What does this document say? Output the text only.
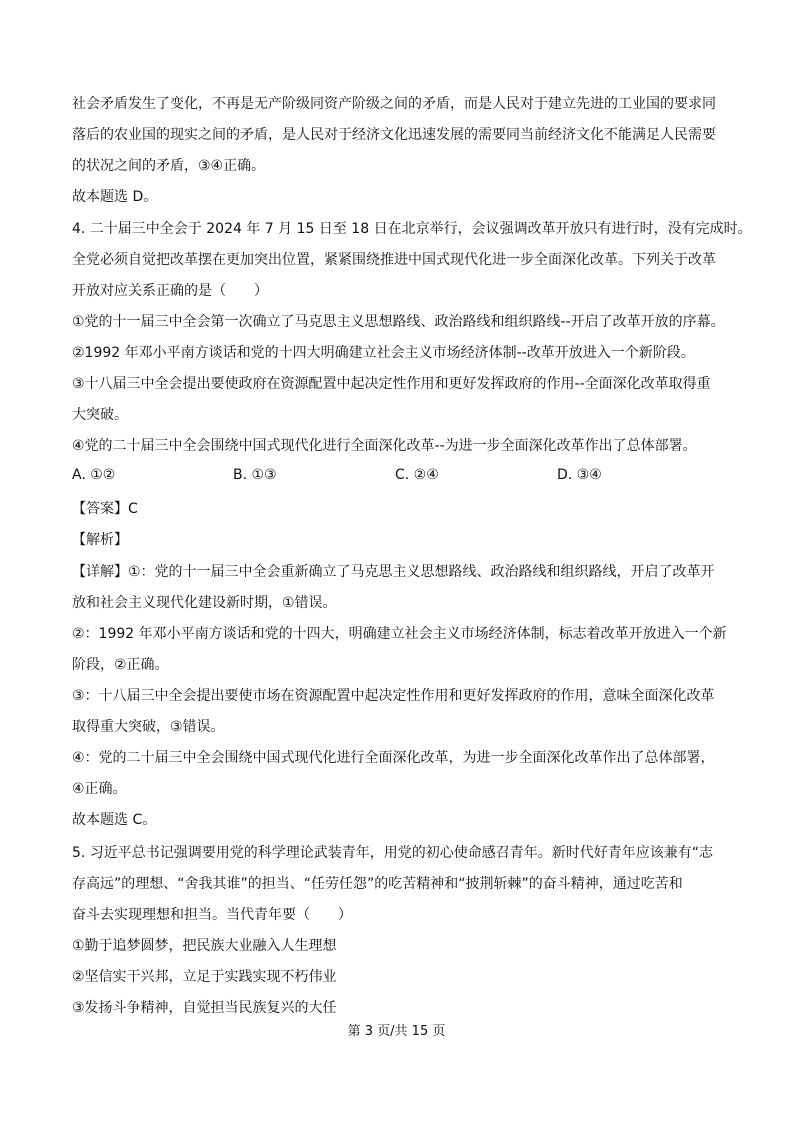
社会矛盾发生了变化，不再是无产阶级同资产阶级之间的矛盾，而是人民对于建立先进的工业国的要求同
落后的农业国的现实之间的矛盾，是人民对于经济文化迅速发展的需要同当前经济文化不能满足人民需要
的状况之间的矛盾，③④正确。
故本题选 D。
4. 二十届三中全会于 2024 年 7 月 15 日至 18 日在北京举行，会议强调改革开放只有进行时，没有完成时。
全党必须自觉把改革摆在更加突出位置，紧紧围绕推进中国式现代化进一步全面深化改革。下列关于改革
开放对应关系正确的是（　　）
①党的十一届三中全会第一次确立了马克思主义思想路线、政治路线和组织路线--开启了改革开放的序幕。
②1992 年邓小平南方谈话和党的十四大明确建立社会主义市场经济体制--改革开放进入一个新阶段。
③十八届三中全会提出要使政府在资源配置中起决定性作用和更好发挥政府的作用--全面深化改革取得重
大突破。
④党的二十届三中全会围绕中国式现代化进行全面深化改革--为进一步全面深化改革作出了总体部署。
A. ①②	B. ①③	C. ②④	D. ③④
【答案】C
【解析】
【详解】①：党的十一届三中全会重新确立了马克思主义思想路线、政治路线和组织路线，开启了改革开
放和社会主义现代化建设新时期，①错误。
②：1992 年邓小平南方谈话和党的十四大，明确建立社会主义市场经济体制，标志着改革开放进入一个新
阶段，②正确。
③：十八届三中全会提出要使市场在资源配置中起决定性作用和更好发挥政府的作用，意味全面深化改革
取得重大突破，③错误。
④：党的二十届三中全会围绕中国式现代化进行全面深化改革，为进一步全面深化改革作出了总体部署，
④正确。
故本题选 C。
5. 习近平总书记强调要用党的科学理论武装青年，用党的初心使命感召青年。新时代好青年应该兼有“志
存高远”的理想、“舍我其谁”的担当、“任劳任怨”的吃苦精神和“披荆斩棘”的奋斗精神，通过吃苦和
奋斗去实现理想和担当。当代青年要（　　）
①勤于追梦圆梦，把民族大业融入人生理想
②坚信实干兴邦，立足于实践实现不朽伟业
③发扬斗争精神，自觉担当民族复兴的大任
第 3 页/共 15 页
